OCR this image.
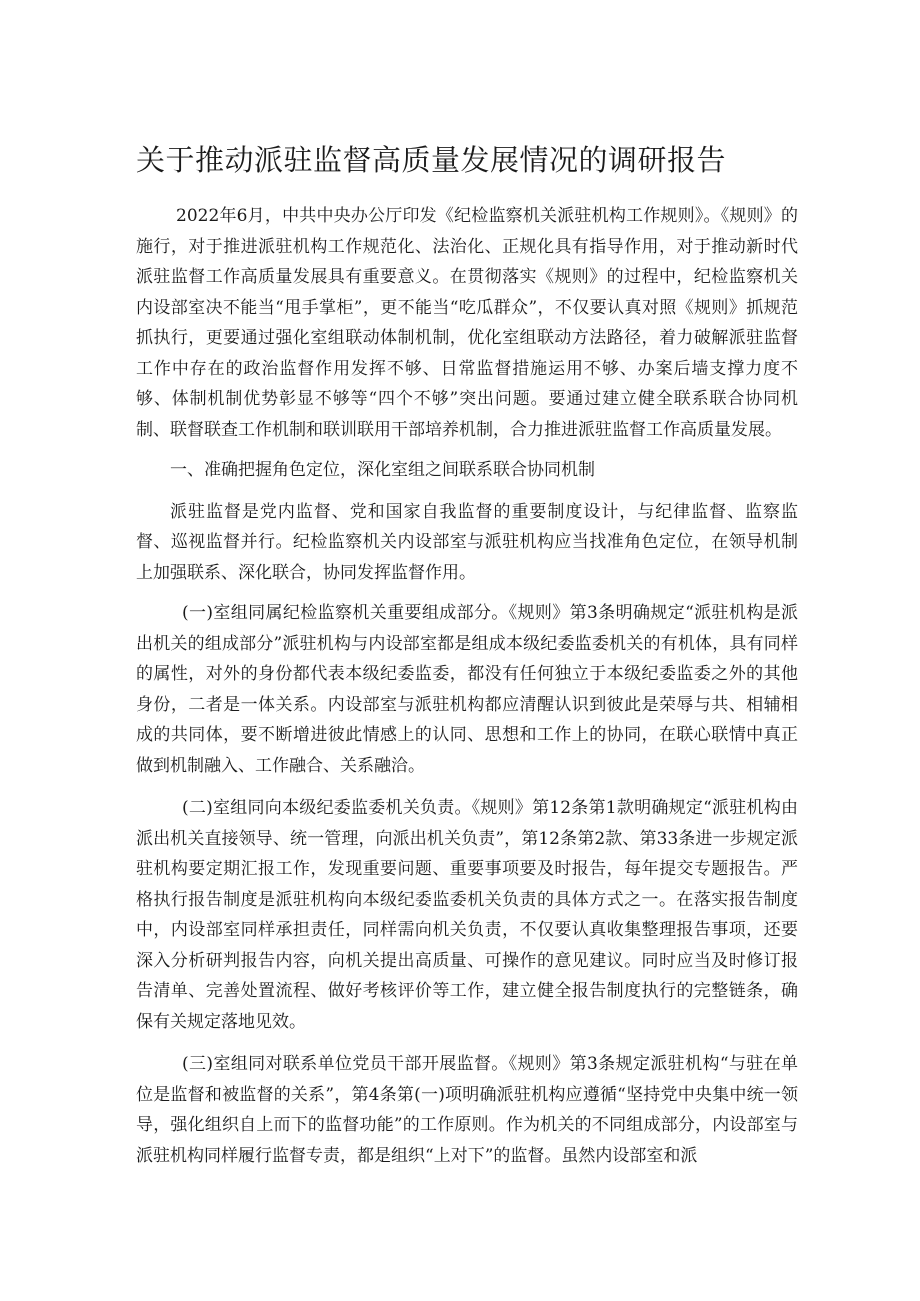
关于推动派驻监督高质量发展情况的调研报告

2022年6月，中共中央办公厅印发《纪检监察机关派驻机构工作规则》。《规则》的施行，对于推进派驻机构工作规范化、法治化、正规化具有指导作用，对于推动新时代派驻监督工作高质量发展具有重要意义。在贯彻落实《规则》的过程中，纪检监察机关内设部室决不能当“甩手掌柜”，更不能当“吃瓜群众”，不仅要认真对照《规则》抓规范抓执行，更要通过强化室组联动体制机制，优化室组联动方法路径，着力破解派驻监督工作中存在的政治监督作用发挥不够、日常监督措施运用不够、办案后墙支撑力度不够、体制机制优势彰显不够等“四个不够”突出问题。要通过建立健全联系联合协同机制、联督联查工作机制和联训联用干部培养机制，合力推进派驻监督工作高质量发展。

一、准确把握角色定位，深化室组之间联系联合协同机制

派驻监督是党内监督、党和国家自我监督的重要制度设计，与纪律监督、监察监督、巡视监督并行。纪检监察机关内设部室与派驻机构应当找准角色定位，在领导机制上加强联系、深化联合，协同发挥监督作用。

(一)室组同属纪检监察机关重要组成部分。《规则》第3条明确规定“派驻机构是派出机关的组成部分”派驻机构与内设部室都是组成本级纪委监委机关的有机体，具有同样的属性，对外的身份都代表本级纪委监委，都没有任何独立于本级纪委监委之外的其他身份，二者是一体关系。内设部室与派驻机构都应清醒认识到彼此是荣辱与共、相辅相成的共同体，要不断增进彼此情感上的认同、思想和工作上的协同，在联心联情中真正做到机制融入、工作融合、关系融洽。

(二)室组同向本级纪委监委机关负责。《规则》第12条第1款明确规定“派驻机构由派出机关直接领导、统一管理，向派出机关负责”，第12条第2款、第33条进一步规定派驻机构要定期汇报工作，发现重要问题、重要事项要及时报告，每年提交专题报告。严格执行报告制度是派驻机构向本级纪委监委机关负责的具体方式之一。在落实报告制度中，内设部室同样承担责任，同样需向机关负责，不仅要认真收集整理报告事项，还要深入分析研判报告内容，向机关提出高质量、可操作的意见建议。同时应当及时修订报告清单、完善处置流程、做好考核评价等工作，建立健全报告制度执行的完整链条，确保有关规定落地见效。

(三)室组同对联系单位党员干部开展监督。《规则》第3条规定派驻机构“与驻在单位是监督和被监督的关系”，第4条第(一)项明确派驻机构应遵循“坚持党中央集中统一领导，强化组织自上而下的监督功能”的工作原则。作为机关的不同组成部分，内设部室与派驻机构同样履行监督专责，都是组织“上对下”的监督。虽然内设部室和派
